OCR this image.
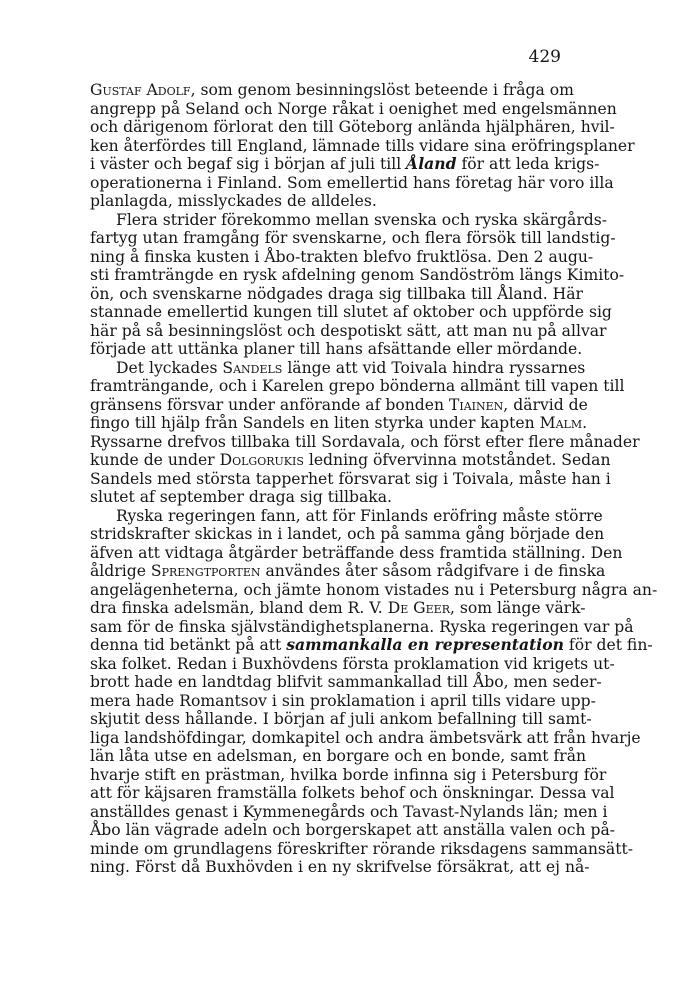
429
Gustaf Adolf, som genom besinningslöst beteende i fråga om
angrepp på Seland och Norge råkat i oenighet med engelsmännen
och därigenom förlorat den till Göteborg anlända hjälphären, hvil-
ken återfördes till England, lämnade tills vidare sina eröfringsplaner
i väster och begaf sig i början af juli till Åland för att leda krigs-
operationerna i Finland. Som emellertid hans företag här voro illa
planlagda, misslyckades de alldeles.
Flera strider förekommo mellan svenska och ryska skärgårds-
fartyg utan framgång för svenskarne, och flera försök till landstig-
ning å finska kusten i Åbo-trakten blefvo fruktlösa. Den 2 augu-
sti framträngde en rysk afdelning genom Sandöström längs Kimito-
ön, och svenskarne nödgades draga sig tillbaka till Åland. Här
stannade emellertid kungen till slutet af oktober och uppförde sig
här på så besinningslöst och despotiskt sätt, att man nu på allvar
förjade att uttänka planer till hans afsättande eller mördande.
Det lyckades Sandels länge att vid Toivala hindra ryssarnes
framträngande, och i Karelen grepo bönderna allmänt till vapen till
gränsens försvar under anförande af bonden Tiainen, därvid de
fingo till hjälp från Sandels en liten styrka under kapten Malm.
Ryssarne drefvos tillbaka till Sordavala, och först efter flere månader
kunde de under Dolgorukis ledning öfvervinna motståndet. Sedan
Sandels med största tapperhet försvarat sig i Toivala, måste han i
slutet af september draga sig tillbaka.
Ryska regeringen fann, att för Finlands eröfring måste större
stridskrafter skickas in i landet, och på samma gång började den
äfven att vidtaga åtgärder beträffande dess framtida ställning. Den
åldrige Sprengtporten användes åter såsom rådgifvare i de finska
angelägenheterna, och jämte honom vistades nu i Petersburg några an-
dra finska adelsmän, bland dem R. V. De Geer, som länge värk-
sam för de finska självständighetsplanerna. Ryska regeringen var på
denna tid betänkt på att sammankalla en representation för det fin-
ska folket. Redan i Buxhövdens första proklamation vid krigets ut-
brott hade en landtdag blifvit sammankallad till Åbo, men seder-
mera hade Romantsov i sin proklamation i april tills vidare upp-
skjutit dess hållande. I början af juli ankom befallning till samt-
liga landshöfdingar, domkapitel och andra ämbetsvärk att från hvarje
län låta utse en adelsman, en borgare och en bonde, samt från
hvarje stift en prästman, hvilka borde infinna sig i Petersburg för
att för käjsaren framställa folkets behof och önskningar. Dessa val
anställdes genast i Kymmenegårds och Tavast-Nylands län; men i
Åbo län vägrade adeln och borgerskapet att anställa valen och på-
minde om grundlagens föreskrifter rörande riksdagens sammansätt-
ning. Först då Buxhövden i en ny skrifvelse försäkrat, att ej nå-
